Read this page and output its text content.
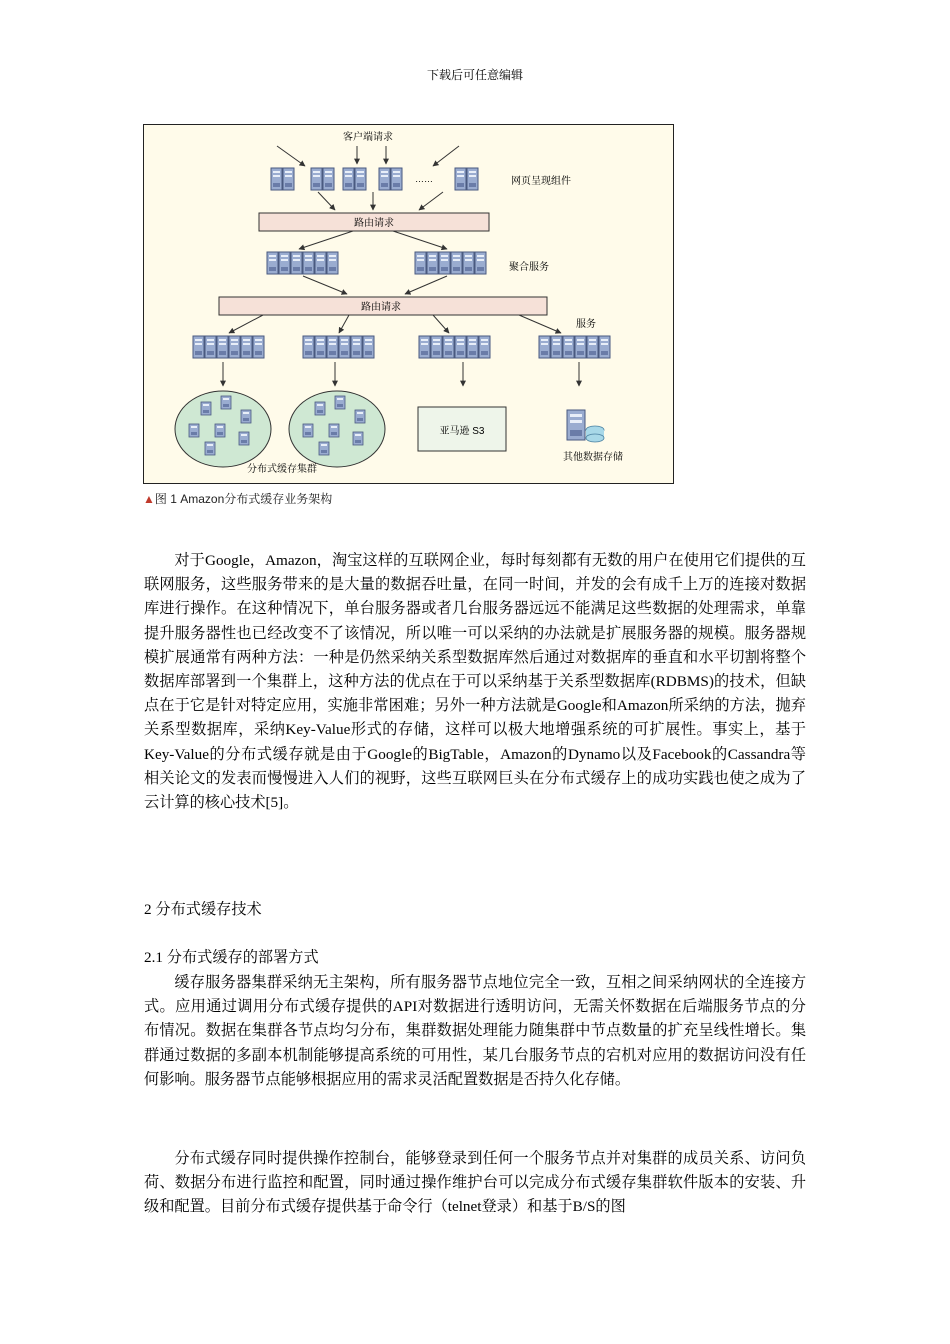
下载后可任意编辑
客户端请求
……	网页呈现组件
路由请求
聚合服务
路由请求
服务
分布式缓存集群
亚马逊 S3
其他数据存储
▲图 1 Amazon分布式缓存业务架构

对于Google，Amazon，淘宝这样的互联网企业，每时每刻都有无数的用户在使用它们提供的互联网服务，这些服务带来的是大量的数据吞吐量，在同一时间，并发的会有成千上万的连接对数据库进行操作。在这种情况下，单台服务器或者几台服务器远远不能满足这些数据的处理需求，单靠提升服务器性也已经改变不了该情况，所以唯一可以采纳的办法就是扩展服务器的规模。服务器规模扩展通常有两种方法：一种是仍然采纳关系型数据库然后通过对数据库的垂直和水平切割将整个数据库部署到一个集群上，这种方法的优点在于可以采纳基于关系型数据库(RDBMS)的技术，但缺点在于它是针对特定应用，实施非常困难；另外一种方法就是Google和Amazon所采纳的方法，抛弃关系型数据库，采纳Key-Value形式的存储，这样可以极大地增强系统的可扩展性。事实上，基于Key-Value的分布式缓存就是由于Google的BigTable，Amazon的Dynamo以及Facebook的Cassandra等相关论文的发表而慢慢进入人们的视野，这些互联网巨头在分布式缓存上的成功实践也使之成为了云计算的核心技术[5]。

2 分布式缓存技术

2.1 分布式缓存的部署方式

缓存服务器集群采纳无主架构，所有服务器节点地位完全一致，互相之间采纳网状的全连接方式。应用通过调用分布式缓存提供的API对数据进行透明访问，无需关怀数据在后端服务节点的分布情况。数据在集群各节点均匀分布，集群数据处理能力随集群中节点数量的扩充呈线性增长。集群通过数据的多副本机制能够提高系统的可用性，某几台服务节点的宕机对应用的数据访问没有任何影响。服务器节点能够根据应用的需求灵活配置数据是否持久化存储。

分布式缓存同时提供操作控制台，能够登录到任何一个服务节点并对集群的成员关系、访问负荷、数据分布进行监控和配置，同时通过操作维护台可以完成分布式缓存集群软件版本的安装、升级和配置。目前分布式缓存提供基于命令行（telnet登录）和基于B/S的图
